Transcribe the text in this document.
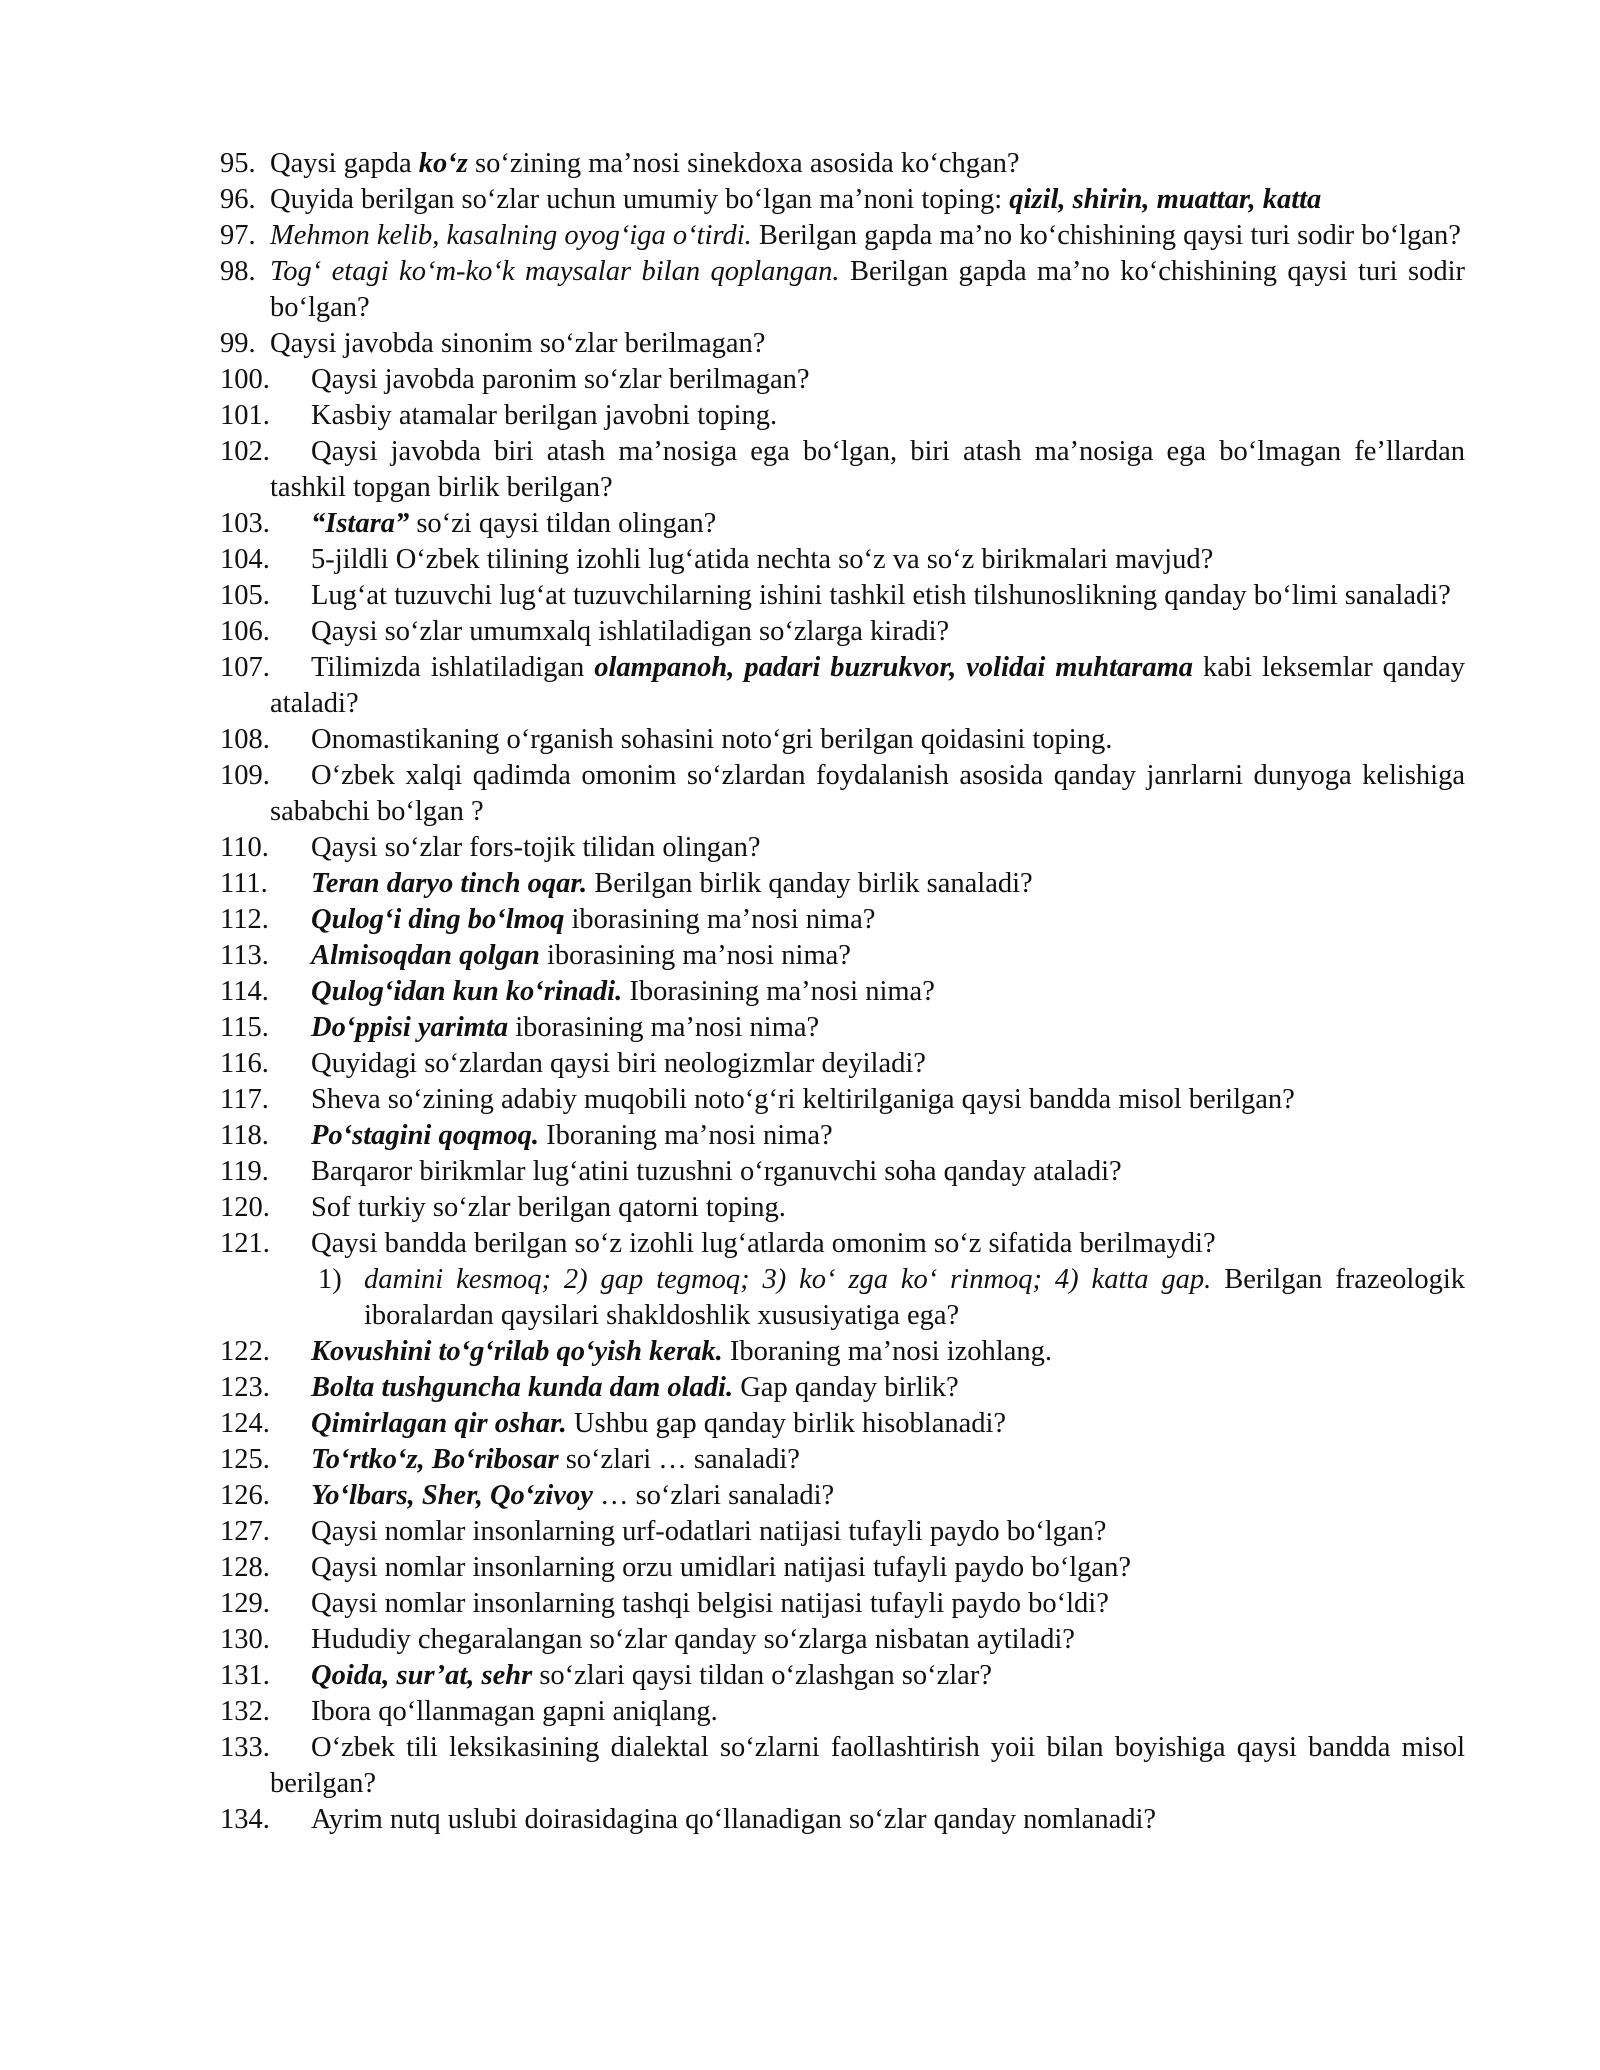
95. Qaysi gapda ko‘z so‘zining ma’nosi sinekdoxa asosida ko‘chgan?
96. Quyida berilgan so‘zlar uchun umumiy bo‘lgan ma’noni toping: qizil, shirin, muattar, katta
97. Mehmon kelib, kasalning oyog‘iga o‘tirdi. Berilgan gapda ma’no ko‘chishining qaysi turi sodir bo‘lgan?
98. Tog‘ etagi ko‘m-ko‘k maysalar bilan qoplangan. Berilgan gapda ma’no ko‘chishining qaysi turi sodir bo‘lgan?
99. Qaysi javobda sinonim so‘zlar berilmagan?
100. Qaysi javobda paronim so‘zlar berilmagan?
101. Kasbiy atamalar berilgan javobni toping.
102. Qaysi javobda biri atash ma’nosiga ega bo‘lgan, biri atash ma’nosiga ega bo‘lmagan fe’llardan tashkil topgan birlik berilgan?
103. “Istara” so‘zi qaysi tildan olingan?
104. 5-jildli O‘zbek tilining izohli lug‘atida nechta so‘z va so‘z birikmalari mavjud?
105. Lug‘at tuzuvchi lug‘at tuzuvchilarning ishini tashkil etish tilshunoslikning qanday bo‘limi sanaladi?
106. Qaysi so‘zlar umumxalq ishlatiladigan so‘zlarga kiradi?
107. Tilimizda ishlatiladigan olampanoh, padari buzrukvor, volidai muhtarama kabi leksemlar qanday ataladi?
108. Onomastikaning o‘rganish sohasini noto‘gri berilgan qoidasini toping.
109. O‘zbek xalqi qadimda omonim so‘zlardan foydalanish asosida qanday janrlarni dunyoga kelishiga sababchi bo‘lgan ?
110. Qaysi so‘zlar fors-tojik tilidan olingan?
111. Teran daryo tinch oqar. Berilgan birlik qanday birlik sanaladi?
112. Qulog‘i ding bo‘lmoq iborasining ma’nosi nima?
113. Almisoqdan qolgan iborasining ma’nosi nima?
114. Qulog‘idan kun ko‘rinadi. Iborasining ma’nosi nima?
115. Do‘ppisi yarimta iborasining ma’nosi nima?
116. Quyidagi so‘zlardan qaysi biri neologizmlar deyiladi?
117. Sheva so‘zining adabiy muqobili noto‘g‘ri keltirilganiga qaysi bandda misol berilgan?
118. Po‘stagini qoqmoq. Iboraning ma’nosi nima?
119. Barqaror birikmlar lug‘atini tuzushni o‘rganuvchi soha qanday ataladi?
120. Sof turkiy so‘zlar berilgan qatorni toping.
121. Qaysi bandda berilgan so‘z izohli lug‘atlarda omonim so‘z sifatida berilmaydi?
1) damini kesmoq; 2) gap tegmoq; 3) ko‘ zga ko‘ rinmoq; 4) katta gap. Berilgan frazeologik iboralardan qaysilari shakldoshlik xususiyatiga ega?
122. Kovushini to‘g‘rilab qo‘yish kerak. Iboraning ma’nosi izohlang.
123. Bolta tushguncha kunda dam oladi. Gap qanday birlik?
124. Qimirlagan qir oshar. Ushbu gap qanday birlik hisoblanadi?
125. To‘rtko‘z, Bo‘ribosar so‘zlari … sanaladi?
126. Yo‘lbars, Sher, Qo‘zivoy … so‘zlari sanaladi?
127. Qaysi nomlar insonlarning urf-odatlari natijasi tufayli paydo bo‘lgan?
128. Qaysi nomlar insonlarning orzu umidlari natijasi tufayli paydo bo‘lgan?
129. Qaysi nomlar insonlarning tashqi belgisi natijasi tufayli paydo bo‘ldi?
130. Hududiy chegaralangan so‘zlar qanday so‘zlarga nisbatan aytiladi?
131. Qoida, sur’at, sehr so‘zlari qaysi tildan o‘zlashgan so‘zlar?
132. Ibora qo‘llanmagan gapni aniqlang.
133. O‘zbek tili leksikasining dialektal so‘zlarni faollashtirish yoii bilan boyishiga qaysi bandda misol berilgan?
134. Ayrim nutq uslubi doirasidagina qo‘llanadigan so‘zlar qanday nomlanadi?
